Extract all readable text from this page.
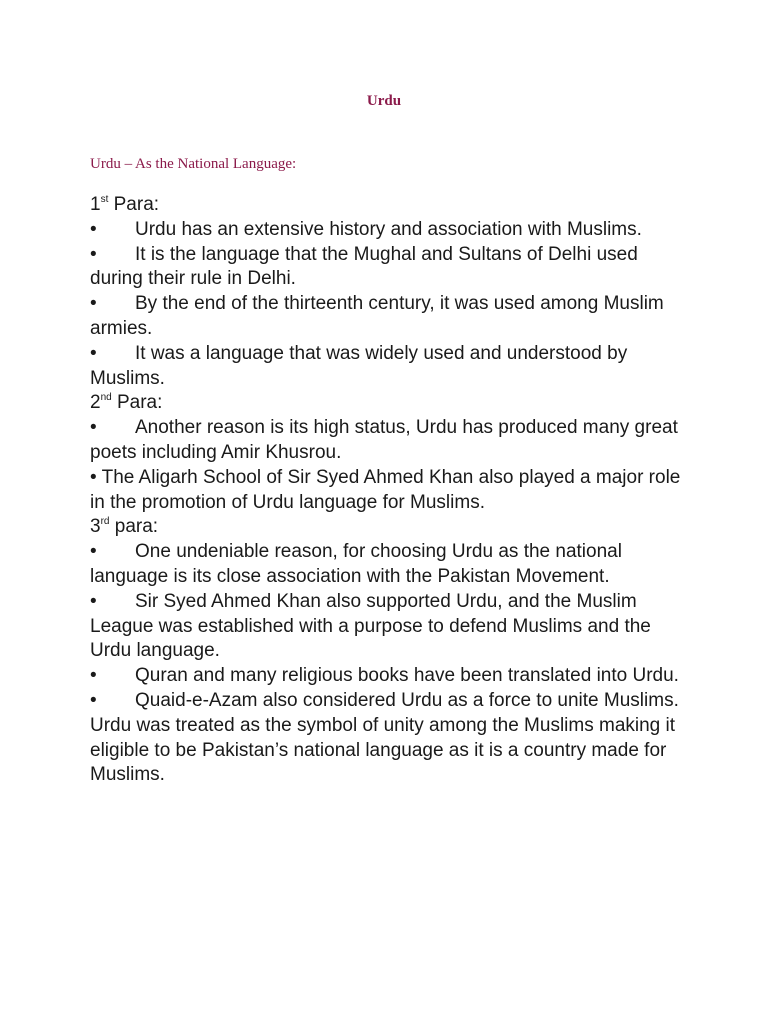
Urdu

Urdu – As the National Language:

1st Para:

• Urdu has an extensive history and association with Muslims.

• It is the language that the Mughal and Sultans of Delhi used during their rule in Delhi.

• By the end of the thirteenth century, it was used among Muslim armies.

• It was a language that was widely used and understood by Muslims.

2nd Para:

• Another reason is its high status, Urdu has produced many great poets including Amir Khusrou.

• The Aligarh School of Sir Syed Ahmed Khan also played a major role in the promotion of Urdu language for Muslims.

3rd para:

• One undeniable reason, for choosing Urdu as the national language is its close association with the Pakistan Movement.

• Sir Syed Ahmed Khan also supported Urdu, and the Muslim League was established with a purpose to defend Muslims and the Urdu language.

• Quran and many religious books have been translated into Urdu.

• Quaid-e-Azam also considered Urdu as a force to unite Muslims.  Urdu was treated as the symbol of unity among the Muslims making it eligible to be Pakistan’s national language as it is a country made for Muslims.
